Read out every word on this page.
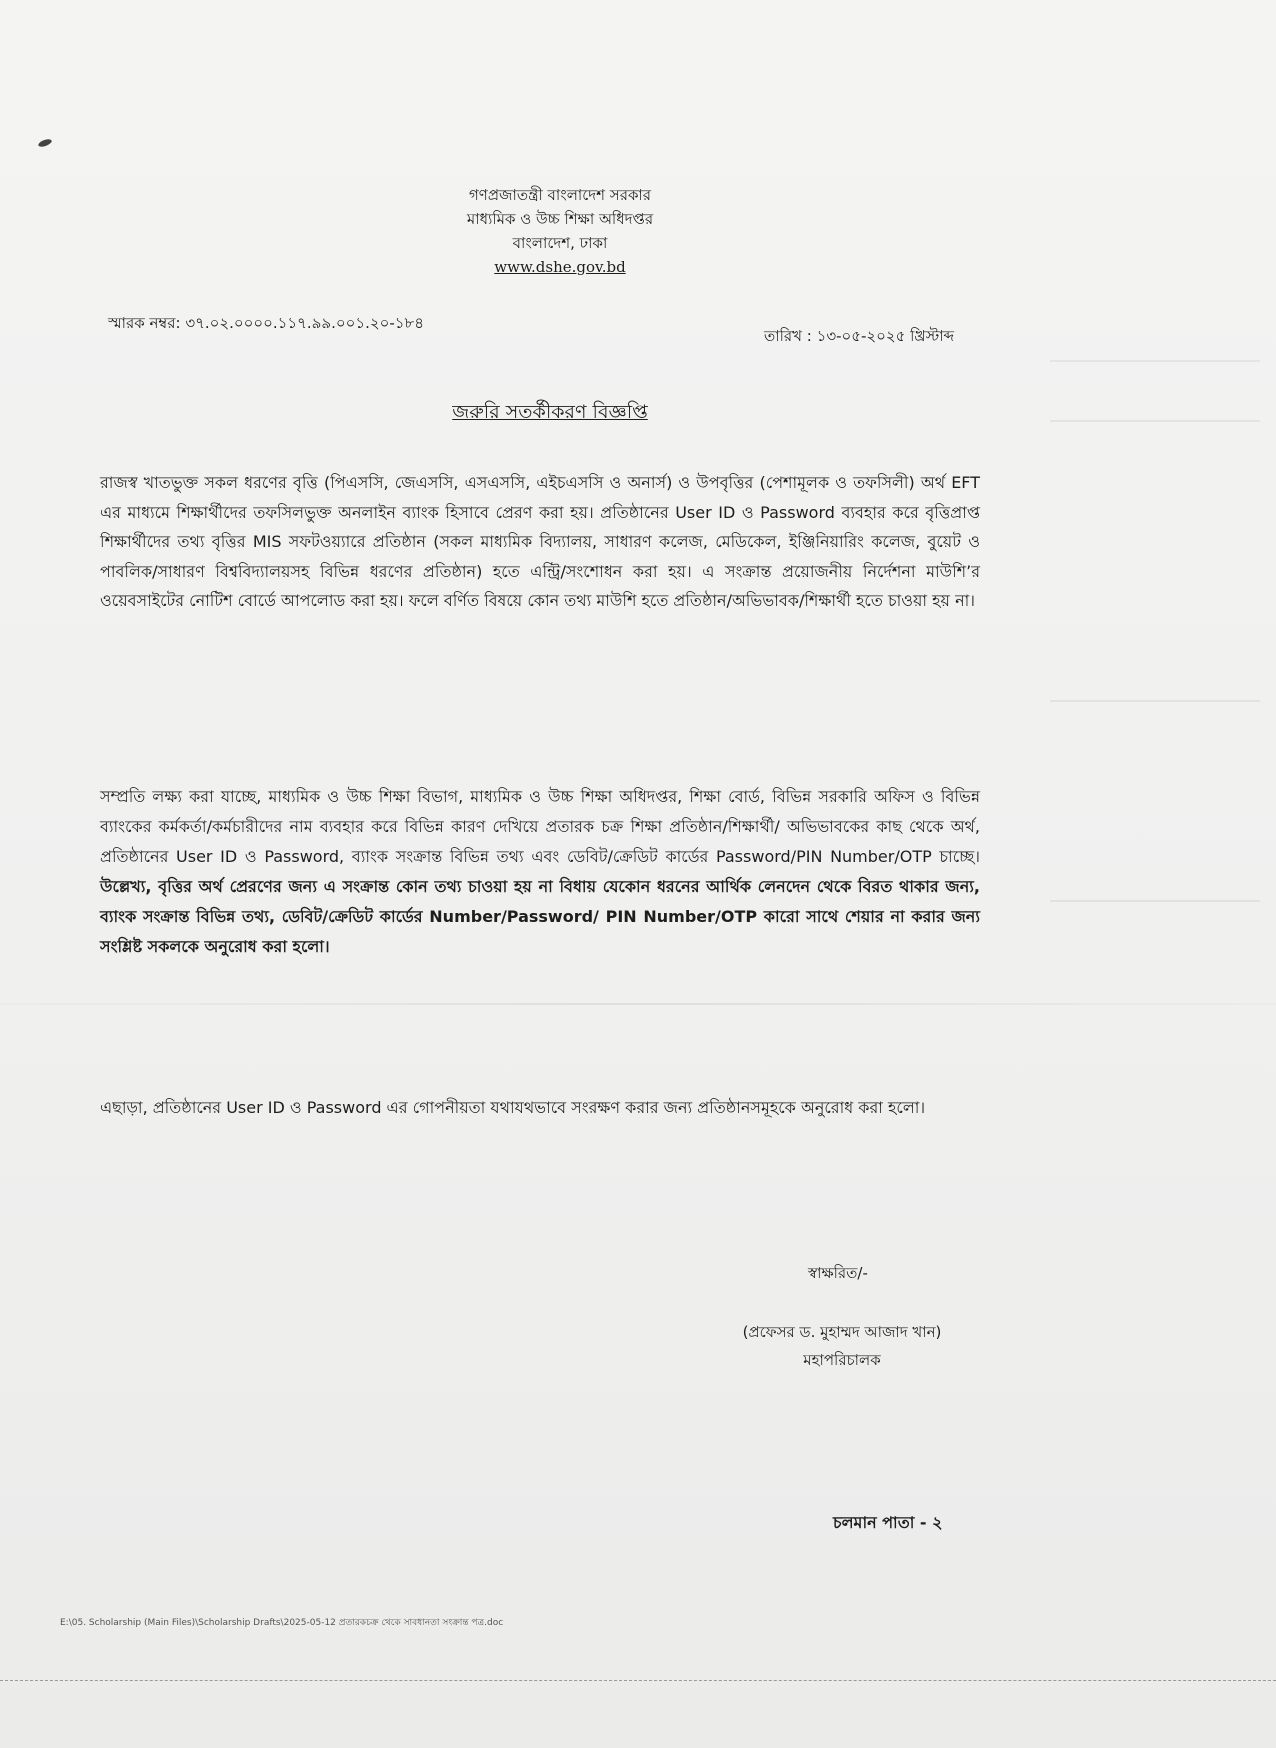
গণপ্রজাতন্ত্রী বাংলাদেশ সরকার
মাধ্যমিক ও উচ্চ শিক্ষা অধিদপ্তর
বাংলাদেশ, ঢাকা
www.dshe.gov.bd
স্মারক নম্বর: ৩৭.০২.০০০০.১১৭.৯৯.০০১.২০-১৮৪
তারিখ : ১৩-০৫-২০২৫ খ্রিস্টাব্দ
জরুরি সতর্কীকরণ বিজ্ঞপ্তি

রাজস্ব খাতভুক্ত সকল ধরণের বৃত্তি (পিএসসি, জেএসসি, এসএসসি, এইচএসসি ও অনার্স) ও উপবৃত্তির (পেশামূলক ও তফসিলী) অর্থ EFT এর মাধ্যমে শিক্ষার্থীদের তফসিলভুক্ত অনলাইন ব্যাংক হিসাবে প্রেরণ করা হয়। প্রতিষ্ঠানের User ID ও Password ব্যবহার করে বৃত্তিপ্রাপ্ত শিক্ষার্থীদের তথ্য বৃত্তির MIS সফটওয়্যারে প্রতিষ্ঠান (সকল মাধ্যমিক বিদ্যালয়, সাধারণ কলেজ, মেডিকেল, ইঞ্জিনিয়ারিং কলেজ, বুয়েট ও পাবলিক/সাধারণ বিশ্ববিদ্যালয়সহ বিভিন্ন ধরণের প্রতিষ্ঠান) হতে এন্ট্রি/সংশোধন করা হয়। এ সংক্রান্ত প্রয়োজনীয় নির্দেশনা মাউশি’র ওয়েবসাইটের নোটিশ বোর্ডে আপলোড করা হয়। ফলে বর্ণিত বিষয়ে কোন তথ্য মাউশি হতে প্রতিষ্ঠান/অভিভাবক/শিক্ষার্থী হতে চাওয়া হয় না।

সম্প্রতি লক্ষ্য করা যাচ্ছে, মাধ্যমিক ও উচ্চ শিক্ষা বিভাগ, মাধ্যমিক ও উচ্চ শিক্ষা অধিদপ্তর, শিক্ষা বোর্ড, বিভিন্ন সরকারি অফিস ও বিভিন্ন ব্যাংকের কর্মকর্তা/কর্মচারীদের নাম ব্যবহার করে বিভিন্ন কারণ দেখিয়ে প্রতারক চক্র শিক্ষা প্রতিষ্ঠান/শিক্ষার্থী/ অভিভাবকের কাছ থেকে অর্থ, প্রতিষ্ঠানের User ID ও Password, ব্যাংক সংক্রান্ত বিভিন্ন তথ্য এবং ডেবিট/ক্রেডিট কার্ডের Password/PIN Number/OTP চাচ্ছে। উল্লেখ্য, বৃত্তির অর্থ প্রেরণের জন্য এ সংক্রান্ত কোন তথ্য চাওয়া হয় না বিধায় যেকোন ধরনের আর্থিক লেনদেন থেকে বিরত থাকার জন্য, ব্যাংক সংক্রান্ত বিভিন্ন তথ্য, ডেবিট/ক্রেডিট কার্ডের Number/Password/ PIN Number/OTP কারো সাথে শেয়ার না করার জন্য সংশ্লিষ্ট সকলকে অনুরোধ করা হলো।

এছাড়া, প্রতিষ্ঠানের User ID ও Password এর গোপনীয়তা যথাযথভাবে সংরক্ষণ করার জন্য প্রতিষ্ঠানসমূহকে অনুরোধ করা হলো।

স্বাক্ষরিত/-
(প্রফেসর ড. মুহাম্মদ আজাদ খান)
মহাপরিচালক
চলমান পাতা - ২
E:\05. Scholarship (Main Files)\Scholarship Drafts\2025-05-12 প্রতারকচক্র থেকে সাবধানতা সংক্রান্ত পত্র.doc
